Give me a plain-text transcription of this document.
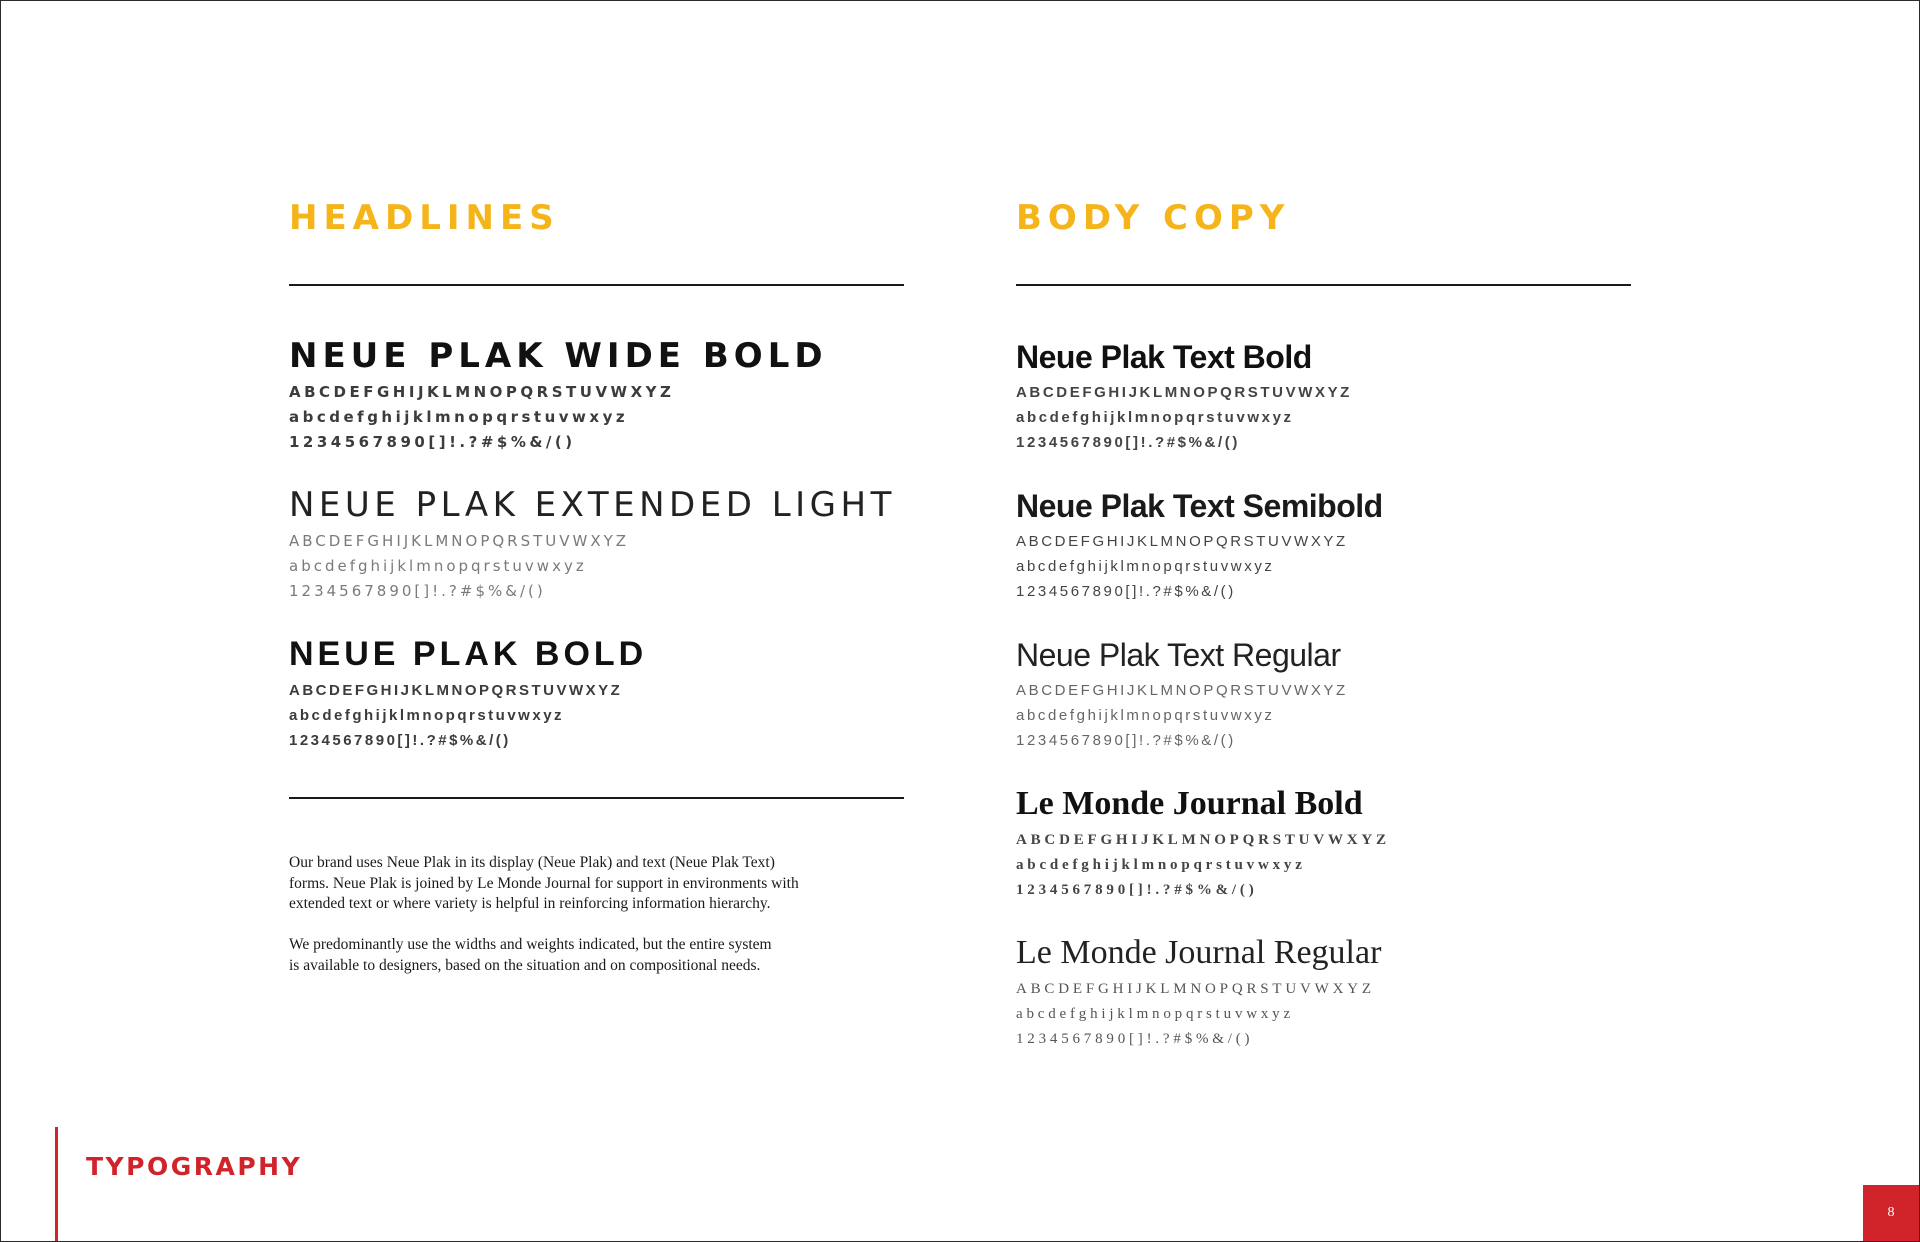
HEADLINES
NEUE PLAK WIDE BOLD
ABCDEFGHIJKLMNOPQRSTUVWXYZ
abcdefghijklmnopqrstuvwxyz
1234567890[]!.?#$%&/()
NEUE PLAK EXTENDED LIGHT
ABCDEFGHIJKLMNOPQRSTUVWXYZ
abcdefghijklmnopqrstuvwxyz
1234567890[]!.?#$%&/()
NEUE PLAK BOLD
ABCDEFGHIJKLMNOPQRSTUVWXYZ
abcdefghijklmnopqrstuvwxyz
1234567890[]!.?#$%&/()
Our brand uses Neue Plak in its display (Neue Plak) and text (Neue Plak Text)
forms. Neue Plak is joined by Le Monde Journal for support in environments with
extended text or where variety is helpful in reinforcing information hierarchy.
We predominantly use the widths and weights indicated, but the entire system
is available to designers, based on the situation and on compositional needs.
BODY COPY
Neue Plak Text Bold
ABCDEFGHIJKLMNOPQRSTUVWXYZ
abcdefghijklmnopqrstuvwxyz
1234567890[]!.?#$%&/()
Neue Plak Text Semibold
ABCDEFGHIJKLMNOPQRSTUVWXYZ
abcdefghijklmnopqrstuvwxyz
1234567890[]!.?#$%&/()
Neue Plak Text Regular
ABCDEFGHIJKLMNOPQRSTUVWXYZ
abcdefghijklmnopqrstuvwxyz
1234567890[]!.?#$%&/()
Le Monde Journal Bold
ABCDEFGHIJKLMNOPQRSTUVWXYZ
abcdefghijklmnopqrstuvwxyz
1234567890[]!.?#$%&/()
Le Monde Journal Regular
ABCDEFGHIJKLMNOPQRSTUVWXYZ
abcdefghijklmnopqrstuvwxyz
1234567890[]!.?#$%&/()
TYPOGRAPHY
8
